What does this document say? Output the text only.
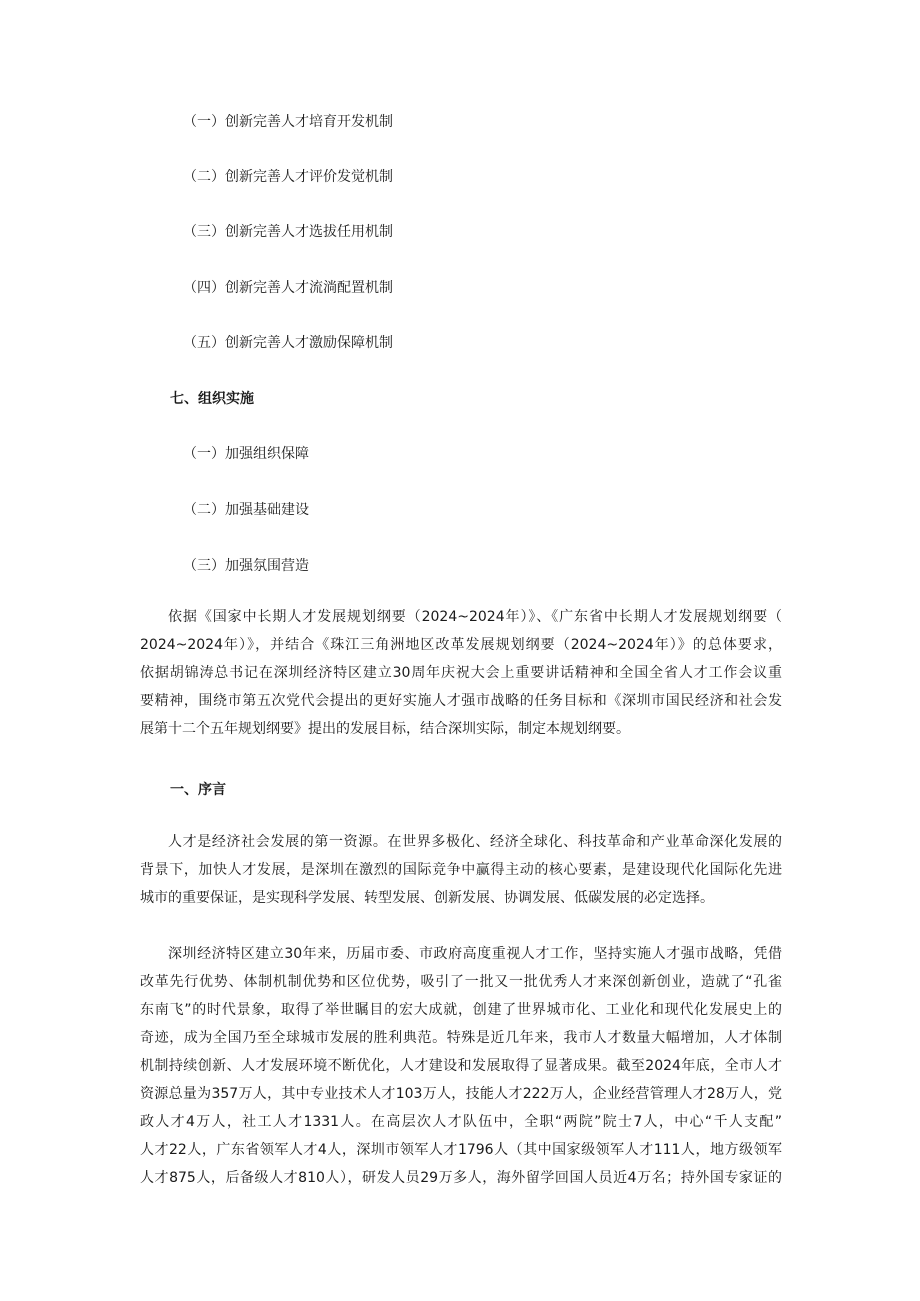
（一）创新完善人才培育开发机制
（二）创新完善人才评价发觉机制
（三）创新完善人才选拔任用机制
（四）创新完善人才流淌配置机制
（五）创新完善人才激励保障机制
七、组织实施
（一）加强组织保障
（二）加强基础建设
（三）加强氛围营造
依据《国家中长期人才发展规划纲要（2024~2024年）》、《广东省中长期人才发展规划纲要（
2024~2024年）》，并结合《珠江三角洲地区改革发展规划纲要（2024~2024年）》的总体要求，
依据胡锦涛总书记在深圳经济特区建立30周年庆祝大会上重要讲话精神和全国全省人才工作会议重
要精神，围绕市第五次党代会提出的更好实施人才强市战略的任务目标和《深圳市国民经济和社会发
展第十二个五年规划纲要》提出的发展目标，结合深圳实际，制定本规划纲要。
一、序言
人才是经济社会发展的第一资源。在世界多极化、经济全球化、科技革命和产业革命深化发展的
背景下，加快人才发展，是深圳在激烈的国际竞争中赢得主动的核心要素，是建设现代化国际化先进
城市的重要保证，是实现科学发展、转型发展、创新发展、协调发展、低碳发展的必定选择。
深圳经济特区建立30年来，历届市委、市政府高度重视人才工作，坚持实施人才强市战略，凭借
改革先行优势、体制机制优势和区位优势，吸引了一批又一批优秀人才来深创新创业，造就了“孔雀
东南飞”的时代景象，取得了举世瞩目的宏大成就，创建了世界城市化、工业化和现代化发展史上的
奇迹，成为全国乃至全球城市发展的胜利典范。特殊是近几年来，我市人才数量大幅增加，人才体制
机制持续创新、人才发展环境不断优化，人才建设和发展取得了显著成果。截至2024年底，全市人才
资源总量为357万人，其中专业技术人才103万人，技能人才222万人，企业经营管理人才28万人，党
政人才4万人，社工人才1331人。在高层次人才队伍中，全职“两院”院士7人，中心“千人支配”
人才22人，广东省领军人才4人，深圳市领军人才1796人（其中国家级领军人才111人，地方级领军
人才875人，后备级人才810人），研发人员29万多人，海外留学回国人员近4万名；持外国专家证的
